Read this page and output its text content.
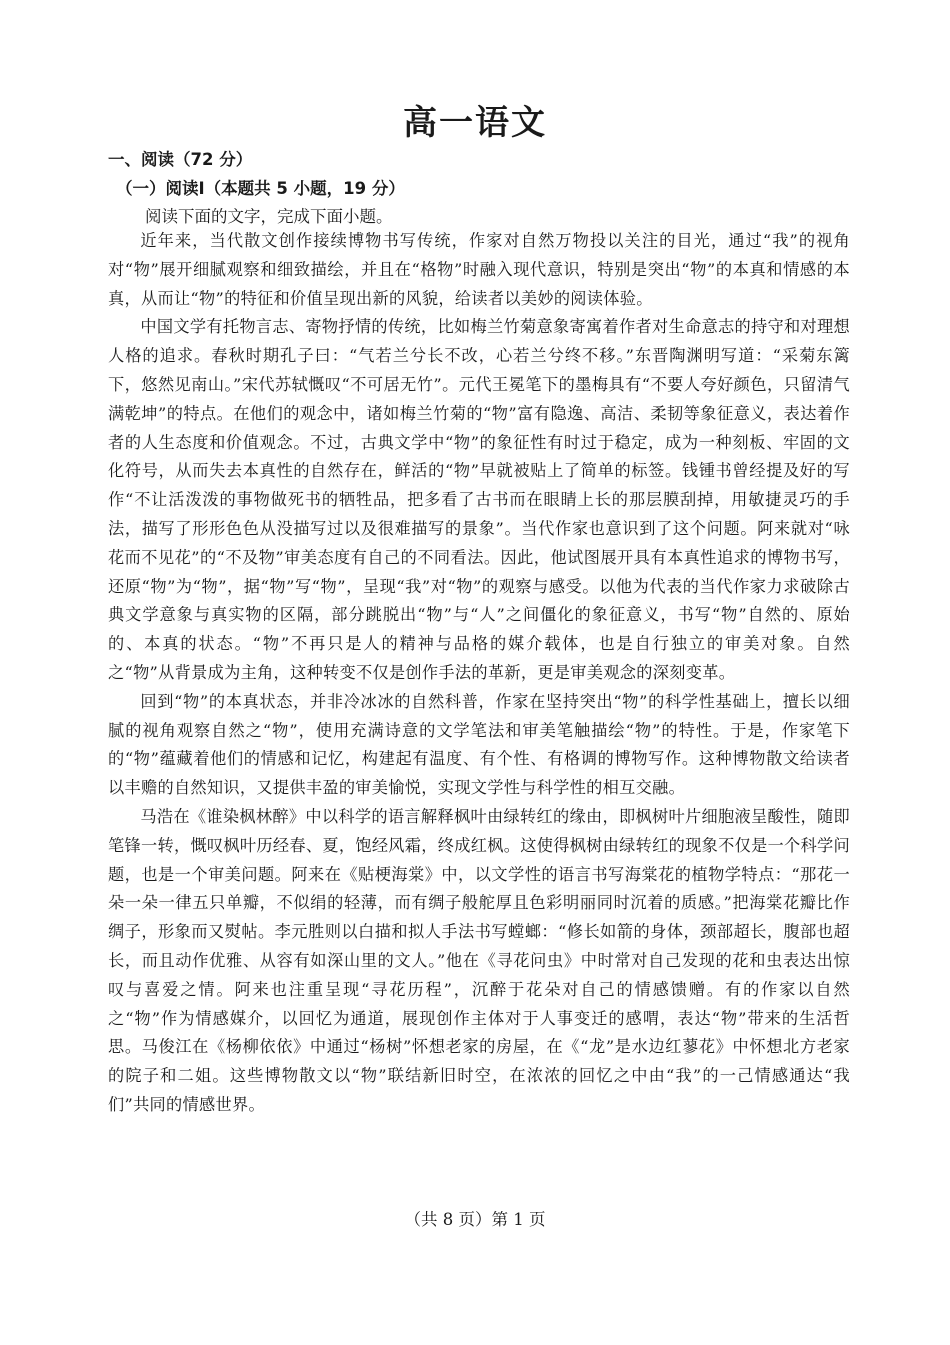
高一语文
一、阅读（72 分）
（一）阅读I（本题共 5 小题，19 分）
阅读下面的文字，完成下面小题。

近年来，当代散文创作接续博物书写传统，作家对自然万物投以关注的目光，通过“我”的视角对“物”展开细腻观察和细致描绘，并且在“格物”时融入现代意识，特别是突出“物”的本真和情感的本真，从而让“物”的特征和价值呈现出新的风貌，给读者以美妙的阅读体验。

中国文学有托物言志、寄物抒情的传统，比如梅兰竹菊意象寄寓着作者对生命意志的持守和对理想人格的追求。春秋时期孔子曰：“气若兰兮长不改，心若兰兮终不移。”东晋陶渊明写道：“采菊东篱下，悠然见南山。”宋代苏轼慨叹“不可居无竹”。元代王冕笔下的墨梅具有“不要人夸好颜色，只留清气满乾坤”的特点。在他们的观念中，诸如梅兰竹菊的“物”富有隐逸、高洁、柔韧等象征意义，表达着作者的人生态度和价值观念。不过，古典文学中“物”的象征性有时过于稳定，成为一种刻板、牢固的文化符号，从而失去本真性的自然存在，鲜活的“物”早就被贴上了简单的标签。钱锺书曾经提及好的写作“不让活泼泼的事物做死书的牺牲品，把多看了古书而在眼睛上长的那层膜刮掉，用敏捷灵巧的手法，描写了形形色色从没描写过以及很难描写的景象”。当代作家也意识到了这个问题。阿来就对“咏花而不见花”的“不及物”审美态度有自己的不同看法。因此，他试图展开具有本真性追求的博物书写，还原“物”为“物”，据“物”写“物”，呈现“我”对“物”的观察与感受。以他为代表的当代作家力求破除古典文学意象与真实物的区隔，部分跳脱出“物”与“人”之间僵化的象征意义，书写“物”自然的、原始的、本真的状态。“物”不再只是人的精神与品格的媒介载体，也是自行独立的审美对象。自然之“物”从背景成为主角，这种转变不仅是创作手法的革新，更是审美观念的深刻变革。

回到“物”的本真状态，并非冷冰冰的自然科普，作家在坚持突出“物”的科学性基础上，擅长以细腻的视角观察自然之“物”，使用充满诗意的文学笔法和审美笔触描绘“物”的特性。于是，作家笔下的“物”蕴藏着他们的情感和记忆，构建起有温度、有个性、有格调的博物写作。这种博物散文给读者以丰赡的自然知识，又提供丰盈的审美愉悦，实现文学性与科学性的相互交融。

马浩在《谁染枫林醉》中以科学的语言解释枫叶由绿转红的缘由，即枫树叶片细胞液呈酸性，随即笔锋一转，慨叹枫叶历经春、夏，饱经风霜，终成红枫。这使得枫树由绿转红的现象不仅是一个科学问题，也是一个审美问题。阿来在《贴梗海棠》中，以文学性的语言书写海棠花的植物学特点：“那花一朵一朵一律五只单瓣，不似绢的轻薄，而有绸子般舵厚且色彩明丽同时沉着的质感。”把海棠花瓣比作绸子，形象而又熨帖。李元胜则以白描和拟人手法书写螳螂：“修长如箭的身体，颈部超长，腹部也超长，而且动作优雅、从容有如深山里的文人。”他在《寻花问虫》中时常对自己发现的花和虫表达出惊叹与喜爱之情。阿来也注重呈现“寻花历程”，沉醉于花朵对自己的情感馈赠。有的作家以自然之“物”作为情感媒介，以回忆为通道，展现创作主体对于人事变迁的感喟，表达“物”带来的生活哲思。马俊江在《杨柳依依》中通过“杨树”怀想老家的房屋，在《“龙”是水边红蓼花》中怀想北方老家的院子和二姐。这些博物散文以“物”联结新旧时空，在浓浓的回忆之中由“我”的一己情感通达“我们”共同的情感世界。

（共 8 页）第 1 页
